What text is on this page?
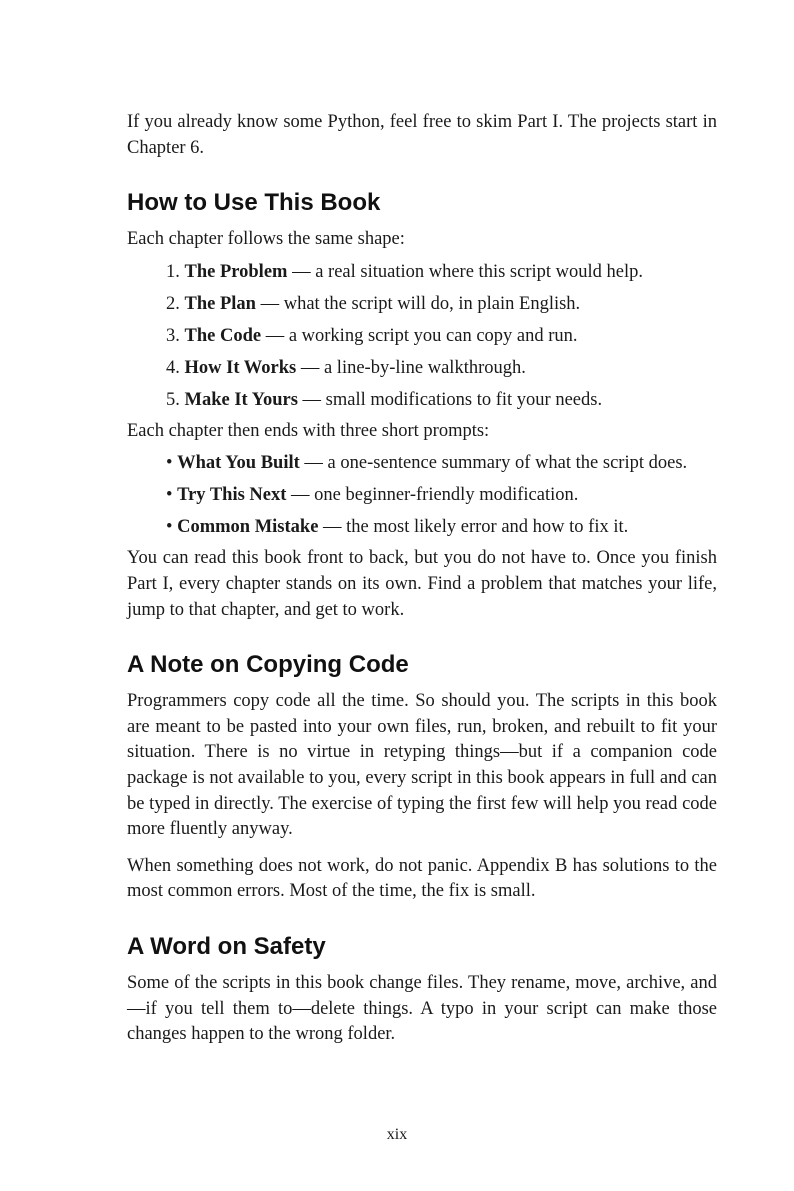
If you already know some Python, feel free to skim Part I. The projects start in Chapter 6.

How to Use This Book

Each chapter follows the same shape:

1. The Problem — a real situation where this script would help.
2. The Plan — what the script will do, in plain English.
3. The Code — a working script you can copy and run.
4. How It Works — a line-by-line walkthrough.
5. Make It Yours — small modifications to fit your needs.

Each chapter then ends with three short prompts:

• What You Built — a one-sentence summary of what the script does.
• Try This Next — one beginner-friendly modification.
• Common Mistake — the most likely error and how to fix it.

You can read this book front to back, but you do not have to. Once you finish Part I, every chapter stands on its own. Find a problem that matches your life, jump to that chapter, and get to work.

A Note on Copying Code

Programmers copy code all the time. So should you. The scripts in this book are meant to be pasted into your own files, run, broken, and rebuilt to fit your situation. There is no virtue in retyping things—but if a companion code package is not available to you, every script in this book appears in full and can be typed in directly. The exercise of typing the first few will help you read code more fluently anyway.

When something does not work, do not panic. Appendix B has solutions to the most common errors. Most of the time, the fix is small.

A Word on Safety

Some of the scripts in this book change files. They rename, move, archive, and—if you tell them to—delete things. A typo in your script can make those changes happen to the wrong folder.

xix
